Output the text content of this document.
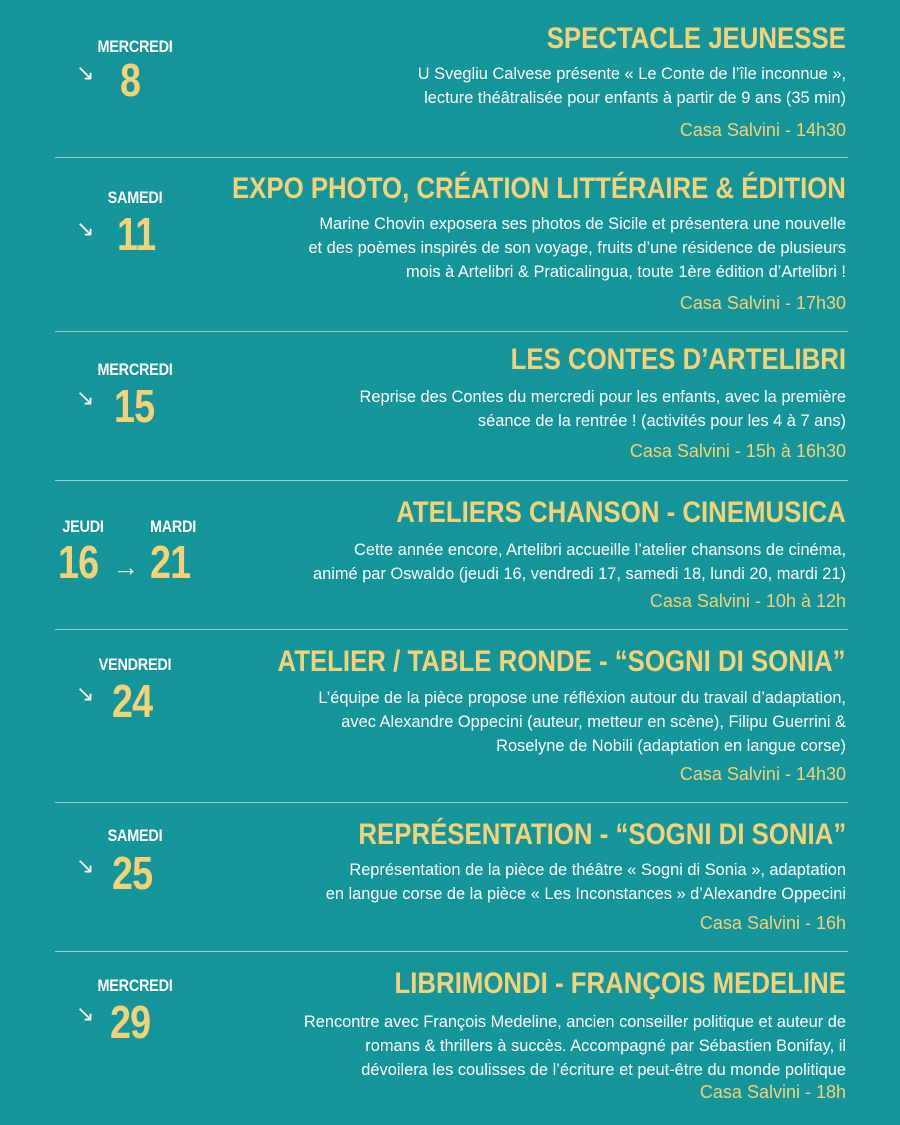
MERCREDI
↘ 8
SPECTACLE JEUNESSE
U Svegliu Calvese présente « Le Conte de l’île inconnue »,
lecture théâtralisée pour enfants à partir de 9 ans (35 min)
Casa Salvini - 14h30
SAMEDI
↘ 11
EXPO PHOTO, CRÉATION LITTÉRAIRE & ÉDITION
Marine Chovin exposera ses photos de Sicile et présentera une nouvelle
et des poèmes inspirés de son voyage, fruits d’une résidence de plusieurs
mois à Artelibri & Praticalingua, toute 1ère édition d’Artelibri !
Casa Salvini - 17h30
MERCREDI
↘ 15
LES CONTES D’ARTELIBRI
Reprise des Contes du mercredi pour les enfants, avec la première
séance de la rentrée ! (activités pour les 4 à 7 ans)
Casa Salvini - 15h à 16h30
JEUDI	MARDI
16 → 21
ATELIERS CHANSON - CINEMUSICA
Cette année encore, Artelibri accueille l’atelier chansons de cinéma,
animé par Oswaldo (jeudi 16, vendredi 17, samedi 18, lundi 20, mardi 21)
Casa Salvini - 10h à 12h
VENDREDI
↘ 24
ATELIER / TABLE RONDE - “SOGNI DI SONIA”
L’équipe de la pièce propose une réfléxion autour du travail d’adaptation,
avec Alexandre Oppecini (auteur, metteur en scène), Filipu Guerrini &
Roselyne de Nobili (adaptation en langue corse)
Casa Salvini - 14h30
SAMEDI
↘ 25
REPRÉSENTATION - “SOGNI DI SONIA”
Représentation de la pièce de théâtre « Sogni di Sonia », adaptation
en langue corse de la pièce « Les Inconstances » d’Alexandre Oppecini
Casa Salvini - 16h
MERCREDI
↘ 29
LIBRIMONDI - FRANÇOIS MEDELINE
Rencontre avec François Medeline, ancien conseiller politique et auteur de
romans & thrillers à succès. Accompagné par Sébastien Bonifay, il
dévoilera les coulisses de l’écriture et peut-être du monde politique
Casa Salvini - 18h
